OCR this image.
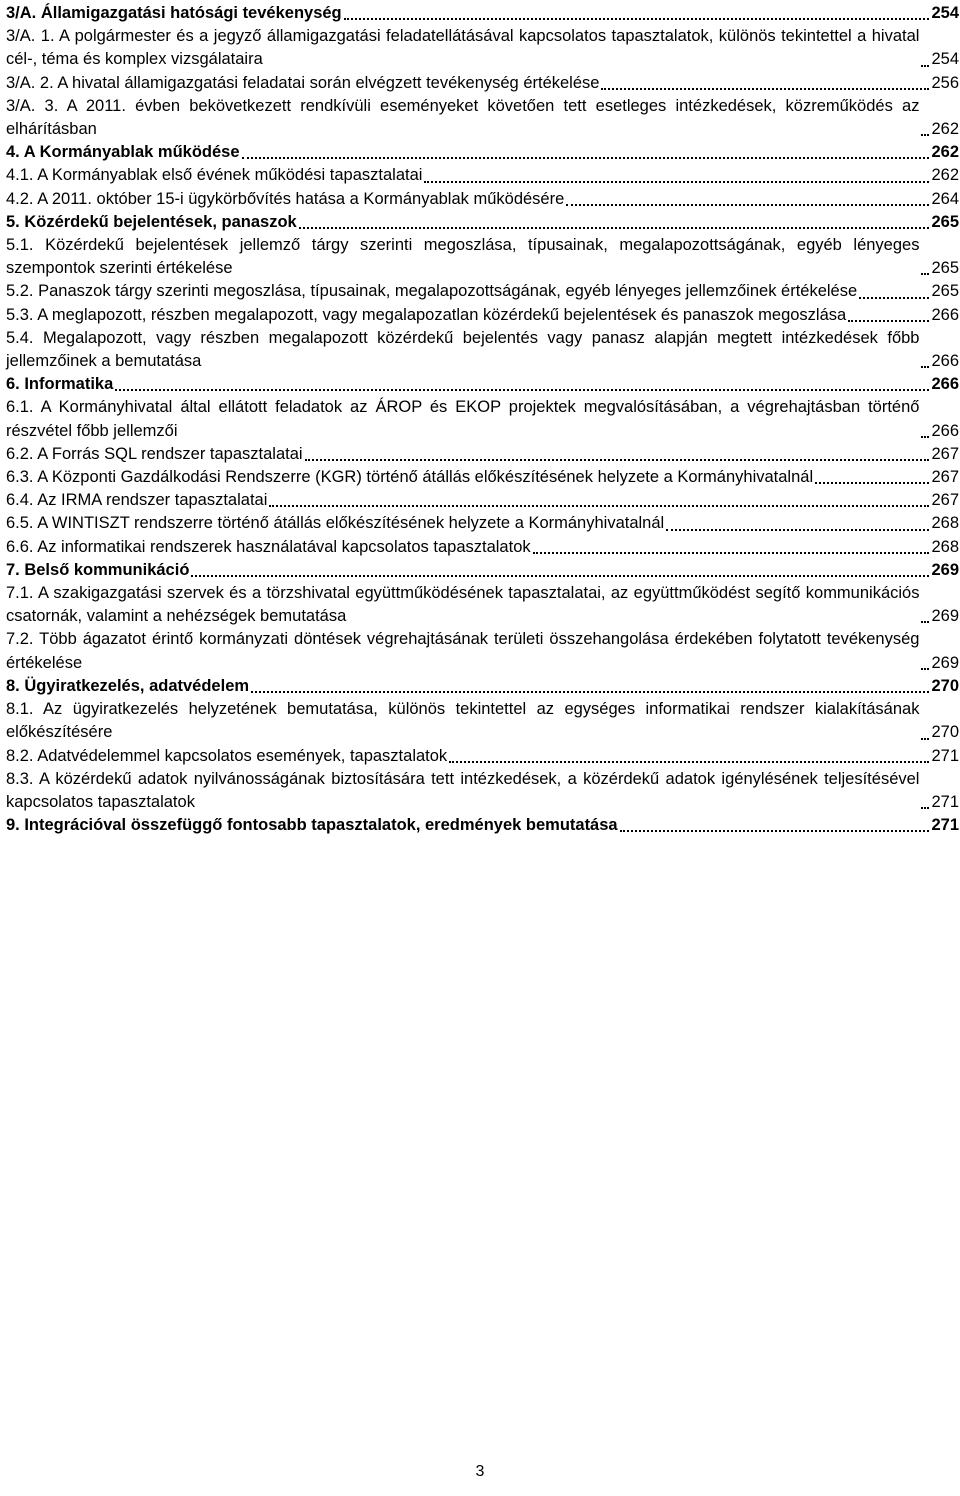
3/A. Államigazgatási hatósági tevékenység	254
3/A. 1. A polgármester és a jegyző államigazgatási feladatellátásával kapcsolatos tapasztalatok, különös tekintettel a hivatal cél-, téma és komplex vizsgálataira	254
3/A. 2. A hivatal államigazgatási feladatai során elvégzett tevékenység értékelése	256
3/A. 3. A 2011. évben bekövetkezett rendkívüli eseményeket követően tett esetleges intézkedések, közreműködés az elhárításban	262
4. A Kormányablak működése	262
4.1. A Kormányablak első évének működési tapasztalatai	262
4.2. A 2011. október 15-i ügykörbővítés hatása a Kormányablak működésére	264
5. Közérdekű bejelentések, panaszok	265
5.1. Közérdekű bejelentések jellemző tárgy szerinti megoszlása, típusainak, megalapozottságának, egyéb lényeges szempontok szerinti értékelése	265
5.2. Panaszok tárgy szerinti megoszlása, típusainak, megalapozottságának, egyéb lényeges jellemzőinek értékelése	265
5.3. A meglapozott, részben megalapozott, vagy megalapozatlan közérdekű bejelentések és panaszok megoszlása	266
5.4. Megalapozott, vagy részben megalapozott közérdekű bejelentés vagy panasz alapján megtett intézkedések főbb jellemzőinek a bemutatása	266
6. Informatika	266
6.1. A Kormányhivatal által ellátott feladatok az ÁROP és EKOP projektek megvalósításában, a végrehajtásban történő részvétel főbb jellemzői	266
6.2. A Forrás SQL rendszer tapasztalatai	267
6.3. A Központi Gazdálkodási Rendszerre (KGR) történő átállás előkészítésének helyzete a Kormányhivatalnál	267
6.4. Az IRMA rendszer tapasztalatai	267
6.5. A WINTISZT rendszerre történő átállás előkészítésének helyzete a Kormányhivatalnál	268
6.6. Az informatikai rendszerek használatával kapcsolatos tapasztalatok	268
7. Belső kommunikáció	269
7.1. A szakigazgatási szervek és a törzshivatal együttműködésének tapasztalatai, az együttműködést segítő kommunikációs csatornák, valamint a nehézségek bemutatása	269
7.2. Több ágazatot érintő kormányzati döntések végrehajtásának területi összehangolása érdekében folytatott tevékenység értékelése	269
8. Ügyiratkezelés, adatvédelem	270
8.1. Az ügyiratkezelés helyzetének bemutatása, különös tekintettel az egységes informatikai rendszer kialakításának előkészítésére	270
8.2. Adatvédelemmel kapcsolatos események, tapasztalatok	271
8.3. A közérdekű adatok nyilvánosságának biztosítására tett intézkedések, a közérdekű adatok igénylésének teljesítésével kapcsolatos tapasztalatok	271
9. Integrációval összefüggő fontosabb tapasztalatok, eredmények bemutatása	271
3
